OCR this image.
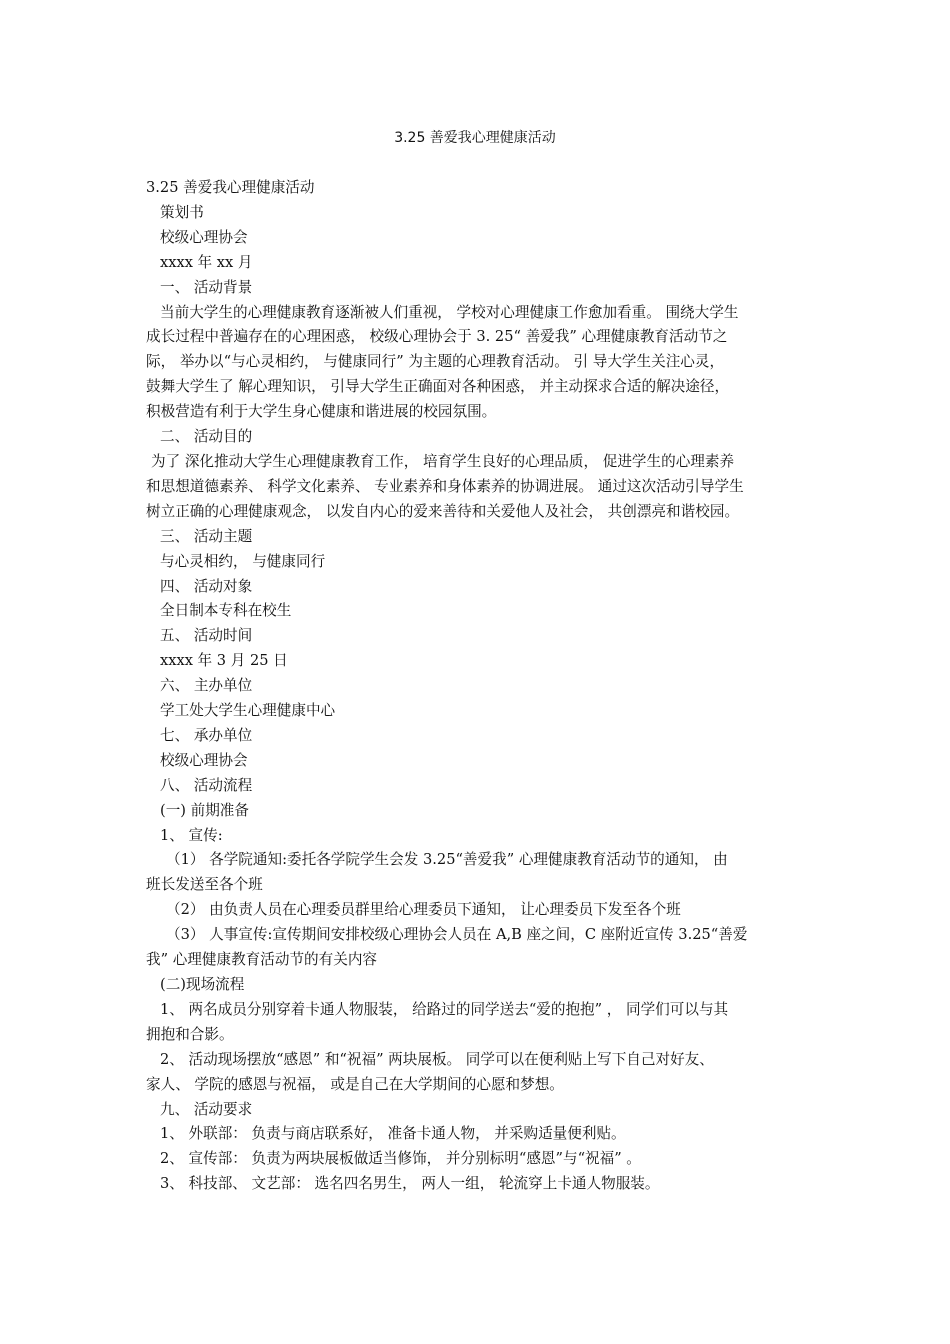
3.25 善爱我心理健康活动

3.25 善爱我心理健康活动

策划书

校级心理协会

xxxx 年 xx 月

一、 活动背景

当前大学生的心理健康教育逐渐被人们重视， 学校对心理健康工作愈加看重。 围绕大学生

成长过程中普遍存在的心理困惑， 校级心理协会于 3. 25“ 善爱我” 心理健康教育活动节之

际， 举办以“与心灵相约， 与健康同行” 为主题的心理教育活动。 引 导大学生关注心灵，

鼓舞大学生了 解心理知识， 引导大学生正确面对各种困惑， 并主动探求合适的解决途径，

积极营造有利于大学生身心健康和谐进展的校园氛围。

二、 活动目的

为了 深化推动大学生心理健康教育工作， 培育学生良好的心理品质， 促进学生的心理素养

和思想道德素养、 科学文化素养、 专业素养和身体素养的协调进展。 通过这次活动引导学生

树立正确的心理健康观念， 以发自内心的爱来善待和关爱他人及社会， 共创漂亮和谐校园。

三、 活动主题

与心灵相约， 与健康同行

四、 活动对象

全日制本专科在校生

五、 活动时间

xxxx 年 3 月 25 日

六、 主办单位

学工处大学生心理健康中心

七、 承办单位

校级心理协会

八、 活动流程

(一) 前期准备

1、 宣传:

（1） 各学院通知:委托各学院学生会发 3.25“善爱我” 心理健康教育活动节的通知， 由

班长发送至各个班

（2） 由负责人员在心理委员群里给心理委员下通知， 让心理委员下发至各个班

（3） 人事宣传:宣传期间安排校级心理协会人员在 A,B 座之间，C 座附近宣传 3.25“善爱

我” 心理健康教育活动节的有关内容

(二)现场流程

1、 两名成员分别穿着卡通人物服装， 给路过的同学送去“爱的抱抱” ， 同学们可以与其

拥抱和合影。

2、 活动现场摆放“感恩” 和“祝福” 两块展板。 同学可以在便利贴上写下自己对好友、

家人、 学院的感恩与祝福， 或是自己在大学期间的心愿和梦想。

九、 活动要求

1、 外联部： 负责与商店联系好， 准备卡通人物， 并采购适量便利贴。

2、 宣传部： 负责为两块展板做适当修饰， 并分别标明“感恩”与“祝福” 。

3、 科技部、 文艺部： 选名四名男生， 两人一组， 轮流穿上卡通人物服装。
